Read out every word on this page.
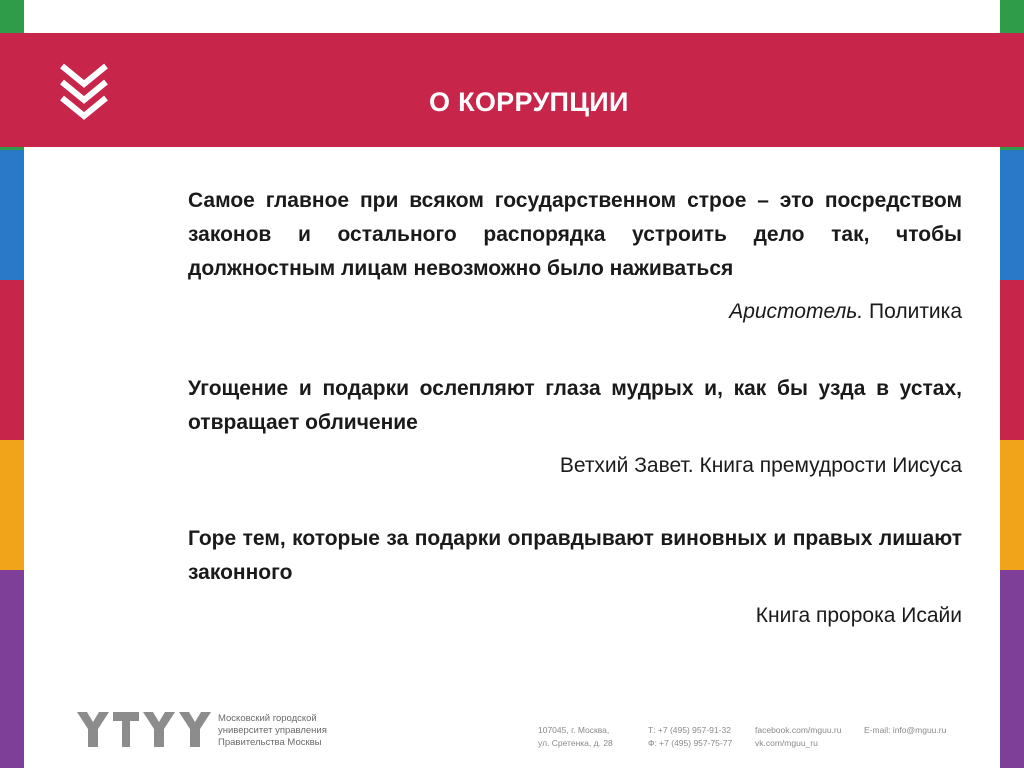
О КОРРУПЦИИ
Самое главное при всяком государственном строе – это посредством законов и остального распорядка устроить дело так, чтобы должностным лицам невозможно было наживаться
Аристотель. Политика
Угощение и подарки ослепляют глаза мудрых и, как бы узда в устах, отвращает обличение
Ветхий Завет. Книга премудрости Иисуса
Горе тем, которые за подарки оправдывают виновных и правых лишают законного
Книга пророка Исайи
Московский городской
университет управления
Правительства Москвы
107045, г. Москва,
ул. Сретенка, д. 28
Т: +7 (495) 957-91-32
Ф: +7 (495) 957-75-77
facebook.com/mguu.ru
vk.com/mguu_ru
E-mail: info@mguu.ru
